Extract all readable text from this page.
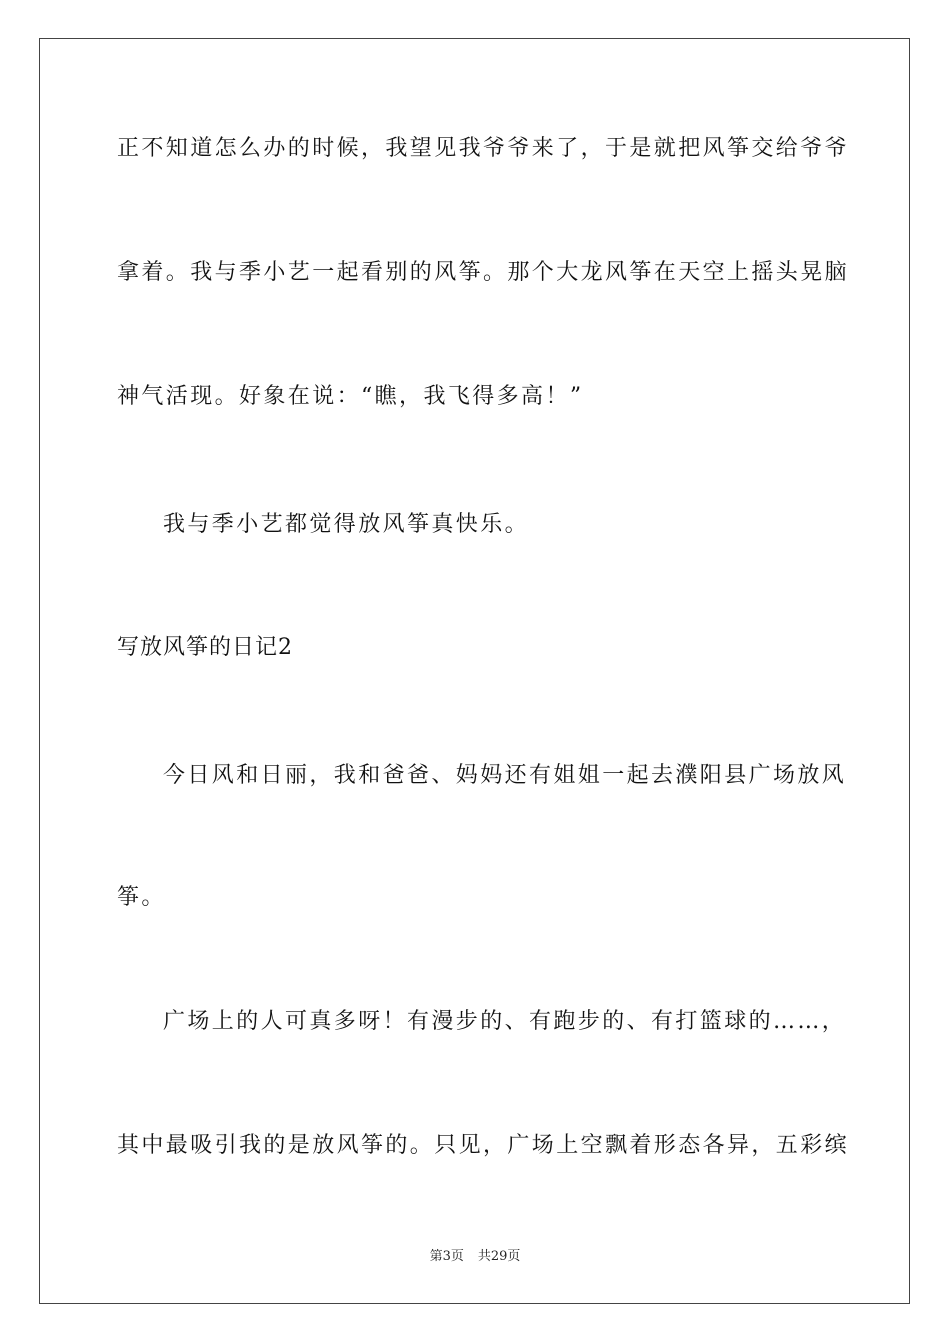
正不知道怎么办的时候，我望见我爷爷来了，于是就把风筝交给爷爷
拿着。我与季小艺一起看别的风筝。那个大龙风筝在天空上摇头晃脑
神气活现。好象在说：“瞧，我飞得多高！”
我与季小艺都觉得放风筝真快乐。
写放风筝的日记2
今日风和日丽，我和爸爸、妈妈还有姐姐一起去濮阳县广场放风
筝。
广场上的人可真多呀！有漫步的、有跑步的、有打篮球的……，
其中最吸引我的是放风筝的。只见，广场上空飘着形态各异，五彩缤
第3页 共29页
